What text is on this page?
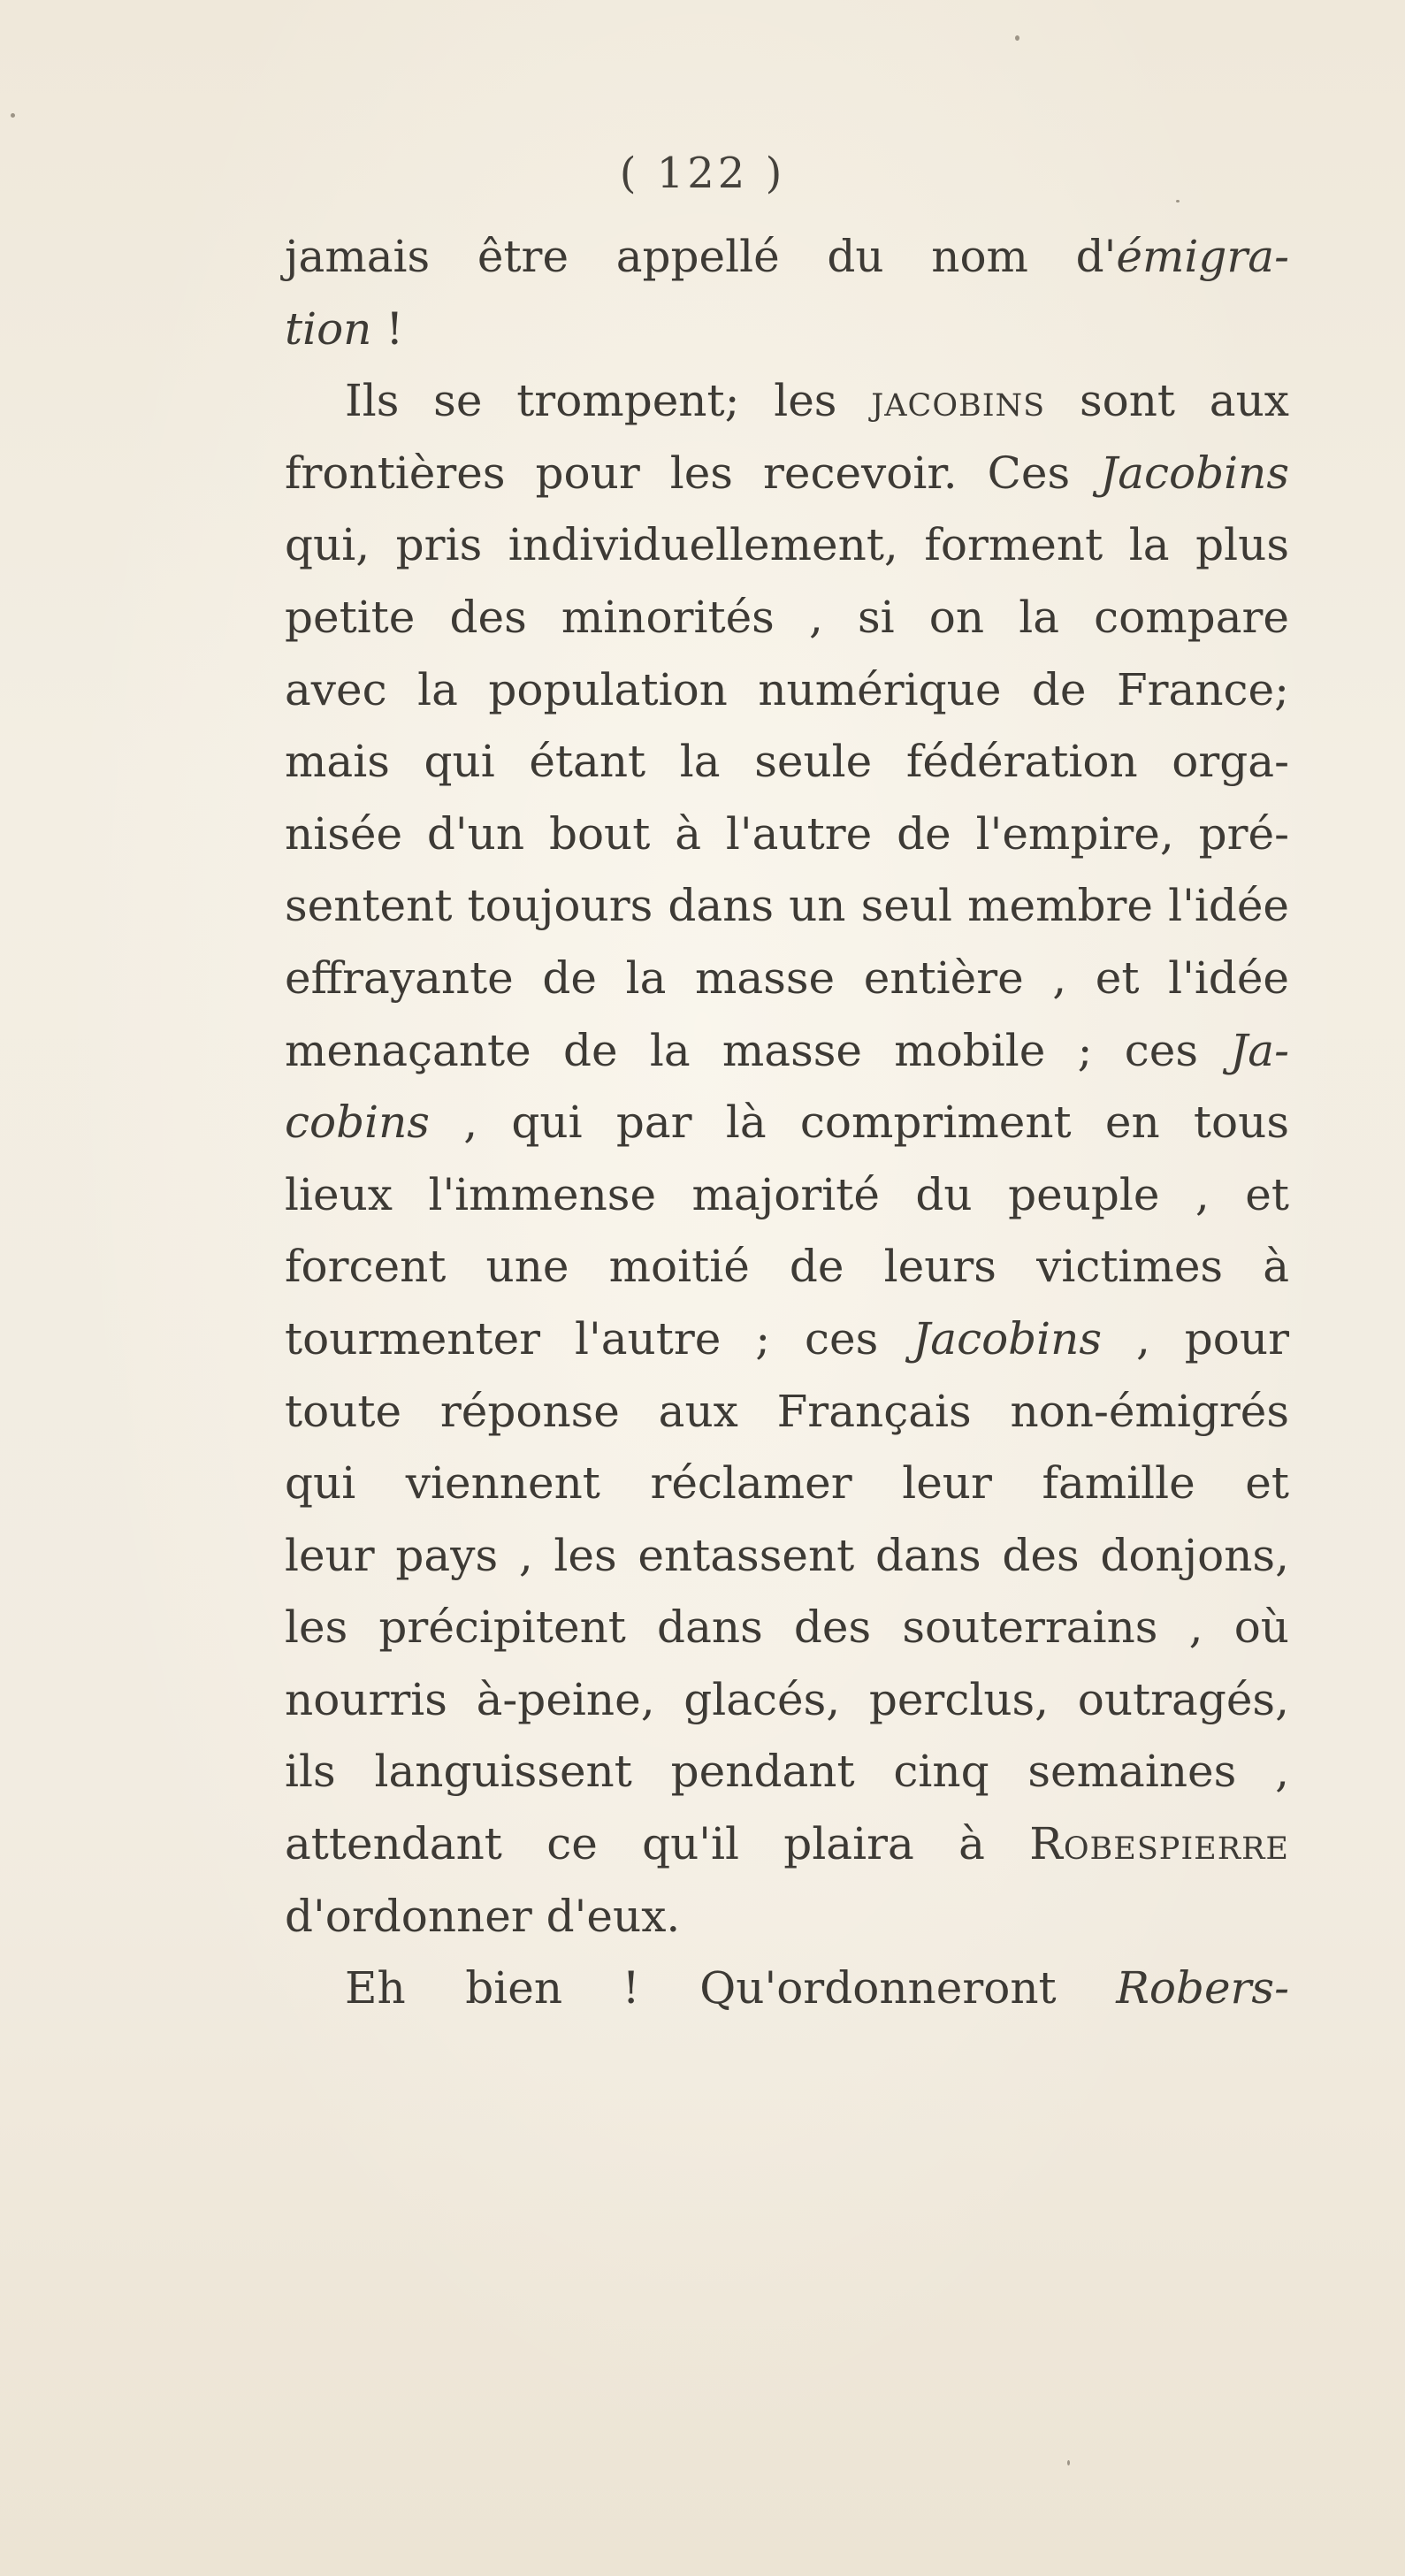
( 122 )
jamais être appellé du nom d'émigra-
tion !
Ils se trompent; les jacobins sont aux
frontières pour les recevoir. Ces Jacobins
qui, pris individuellement, forment la plus
petite des minorités , si on la compare
avec la population numérique de France;
mais qui étant la seule fédération orga-
nisée d'un bout à l'autre de l'empire, pré-
sentent toujours dans un seul membre l'idée
effrayante de la masse entière , et l'idée
menaçante de la masse mobile ; ces Ja-
cobins , qui par là compriment en tous
lieux l'immense majorité du peuple , et
forcent une moitié de leurs victimes à
tourmenter l'autre ; ces Jacobins , pour
toute réponse aux Français non-émigrés
qui viennent réclamer leur famille et
leur pays , les entassent dans des donjons,
les précipitent dans des souterrains , où
nourris à-peine, glacés, perclus, outragés,
ils languissent pendant cinq semaines ,
attendant ce qu'il plaira à Robespierre
d'ordonner d'eux.
Eh bien ! Qu'ordonneront Robers-
